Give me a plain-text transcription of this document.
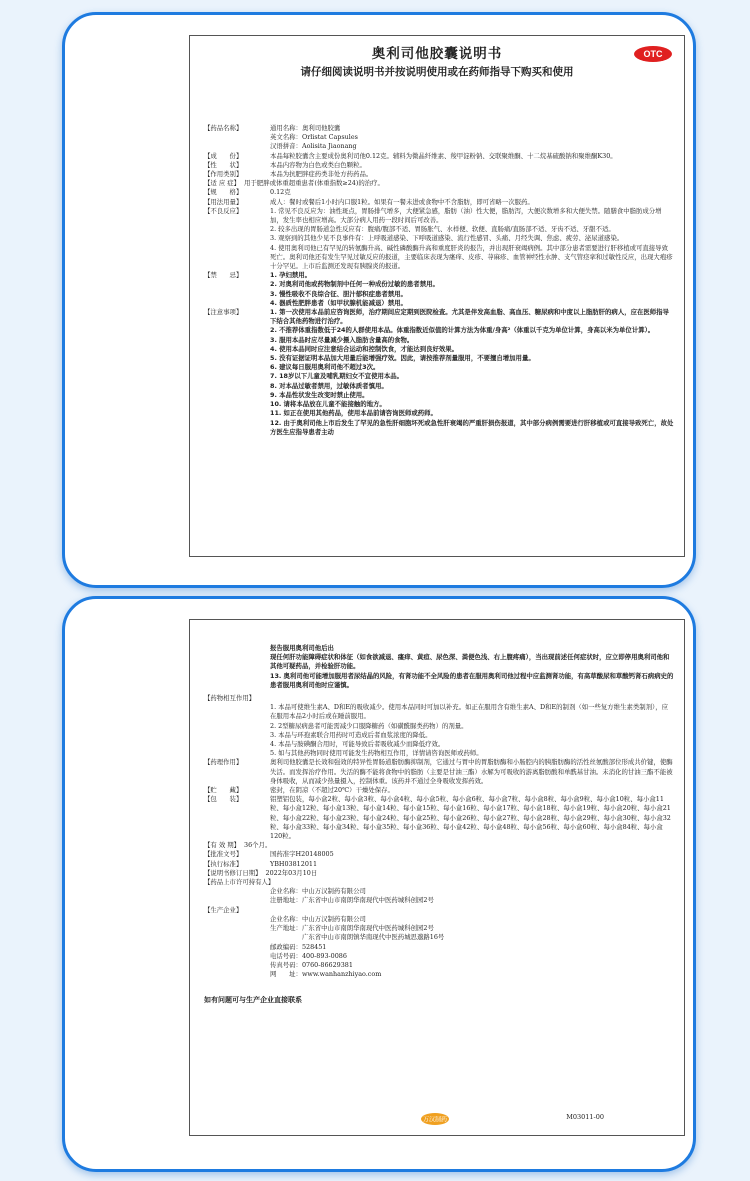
奥利司他胶囊说明书	OTC
请仔细阅读说明书并按说明使用或在药师指导下购买和使用
【药品名称】	通用名称：奥利司他胶囊
英文名称：Orlistat Capsules
汉语拼音：Aolisita Jiaonang
【成　　份】	本品每粒胶囊含主要成份奥利司他0.12克。辅料为微晶纤维素、羧甲淀粉钠、交联聚维酮、十二烷基硫酸钠和聚维酮K30。
【性　　状】	本品内容物为白色或类白色颗粒。
【作用类别】	本品为抗肥胖症药类非处方药药品。
【适 应 症】 用于肥胖或体重超重患者(体重指数≥24)的治疗。
【规　　格】	0.12克
【用法用量】	成人：餐时或餐后1小时内口服1粒。如果有一餐未进或食物中不含脂肪，即可省略一次服药。
【不良反应】	1. 常见不良反应为：油性斑点，胃肠排气增多，大便紧急感，脂肪（油）性大便，脂肪泻，大便次数增多和大便失禁。随膳食中脂肪成分增加，发生率也相应增高。大部分病人用药一段时间后可改善。
2. 较多出现的胃肠道急性反应有：腹痛/腹部不适、胃肠胀气、水样便、软便、直肠痛/直肠部不适、牙齿不适、牙龈不适。
3. 观察到的其他少见不良事件有：上呼吸道感染、下呼吸道感染、流行性感冒、头痛、月经失调、焦虑、疲劳、泌尿道感染。
4. 使用奥利司他已有罕见的转氨酶升高、碱性磷酸酶升高和重度肝炎的报告，并出现肝衰竭病例。其中部分患者需要进行肝移植或可直接导致死亡。奥利司他还有发生罕见过敏反应的报道，主要临床表现为瘙痒、皮疹、荨麻疹、血管神经性水肿、支气管痉挛和过敏性反应，出现大疱疹十分罕见。上市后监测还发现有胰腺炎的报道。
【禁　　忌】	1. 孕妇禁用。
2. 对奥利司他或药物制剂中任何一种成份过敏的患者禁用。
3. 慢性吸收不良综合征、胆汁郁积症患者禁用。
4. 器质性肥胖患者（如甲状腺机能减退）禁用。
【注意事项】	1. 第一次使用本品前应咨询医师，治疗期间应定期到医院检查。尤其是伴发高血脂、高血压、糖尿病和中度以上脂肪肝的病人，应在医师指导下结合其他药物进行治疗。
2. 不推荐体重指数低于24的人群使用本品。体重指数近似值的计算方法为体重/身高²（体重以千克为单位计算，身高以米为单位计算）。
3. 服用本品时应尽量减少摄入脂肪含量高的食物。
4. 使用本品同时应注意结合运动和控制饮食，才能达到良好效果。
5. 没有证据证明本品加大用量后能增强疗效。因此，请按推荐剂量服用，不要擅自增加用量。
6. 建议每日服用奥利司他不超过3次。
7. 18岁以下儿童及哺乳期妇女不宜使用本品。
8. 对本品过敏者禁用，过敏体质者慎用。
9. 本品性状发生改变时禁止使用。
10. 请将本品放在儿童不能接触的地方。
11. 如正在使用其他药品，使用本品前请咨询医师或药师。
12. 由于奥利司他上市后发生了罕见的急性肝细胞坏死或急性肝衰竭的严重肝损伤报道，其中部分病例需要进行肝移植或可直接导致死亡，故处方医生应指导患者主动
报告服用奥利司他后出
现任何肝功能障碍症状和体征（如食欲减退、瘙痒、黄疸、尿色深、粪便色浅、右上腹疼痛），当出现前述任何症状时，应立即停用奥利司他和其他可疑药品，并检验肝功能。
13. 奥利司他可能增加服用者尿结晶的风险，有肾功能不全风险的患者在服用奥利司他过程中应监测肾功能，有高草酸尿和草酸钙肾石病病史的患者服用奥利司他时应谨慎。
【药物相互作用】
1. 本品可使维生素A、D和E的吸收减少。使用本品同时可加以补充。如正在服用含有维生素A、D和E的制剂（如一些复方维生素类制剂），应在服用本品2小时后或在睡前服用。
2. 2型糖尿病患者可能需减少口服降糖药（如磺酰脲类药物）的剂量。
3. 本品与环孢素联合用药时可造成后者血浆浓度的降低。
4. 本品与胺碘酮合用时，可能导致后者吸收减少而降低疗效。
5. 如与其他药物同时使用可能发生药物相互作用，详情请咨询医师或药师。
【药理作用】	奥利司他胶囊是长效和强效的特异性胃肠道脂肪酶抑制剂，它通过与胃中的胃脂肪酶和小肠腔内的胰脂肪酶的活性丝氨酸部位形成共价键，使酶失活。而发挥治疗作用。失活的酶不能将食物中的脂肪（主要是甘油三酯）水解为可吸收的游离脂肪酸和单酰基甘油。未消化的甘油三酯不能被身体吸收，从而减少热量摄入，控制体重。该药并不通过全身吸收发挥药效。
【贮　　藏】	密封，在阴凉（不超过20℃）干燥处保存。
【包　　装】	铝塑铝包装，每小盒2粒、每小盒3粒、每小盒4粒、每小盒5粒、每小盒6粒、每小盒7粒、每小盒8粒、每小盒9粒、每小盒10粒、每小盒11粒、每小盒12粒、每小盒13粒、每小盒14粒、每小盒15粒、每小盒16粒、每小盒17粒、每小盒18粒、每小盒19粒、每小盒20粒、每小盒21粒、每小盒22粒、每小盒23粒、每小盒24粒、每小盒25粒、每小盒26粒、每小盒27粒、每小盒28粒、每小盒29粒、每小盒30粒、每小盒32粒、每小盒33粒、每小盒34粒、每小盒35粒、每小盒36粒、每小盒42粒、每小盒48粒、每小盒56粒、每小盒60粒、每小盒84粒、每小盒120粒。
【有 效 期】 36个月。
【批准文号】	国药准字H20148005
【执行标准】	YBH03812011
【说明书修订日期】 2022年03月10日
【药品上市许可持有人】
企业名称：中山万汉制药有限公司
注册地址：广东省中山市南朗华南现代中医药城科创园2号
【生产企业】
企业名称：中山万汉制药有限公司
生产地址：广东省中山市南朗华南现代中医药城科创园2号
　　　　　广东省中山市南朗镇华南现代中医药城思邈路16号
邮政编码：528451
电话号码：400-893-0086
传真号码：0760-86629381
网　　址：www.wanhanzhiyao.com
如有问题可与生产企业直接联系
万汉制药	M03011-00
